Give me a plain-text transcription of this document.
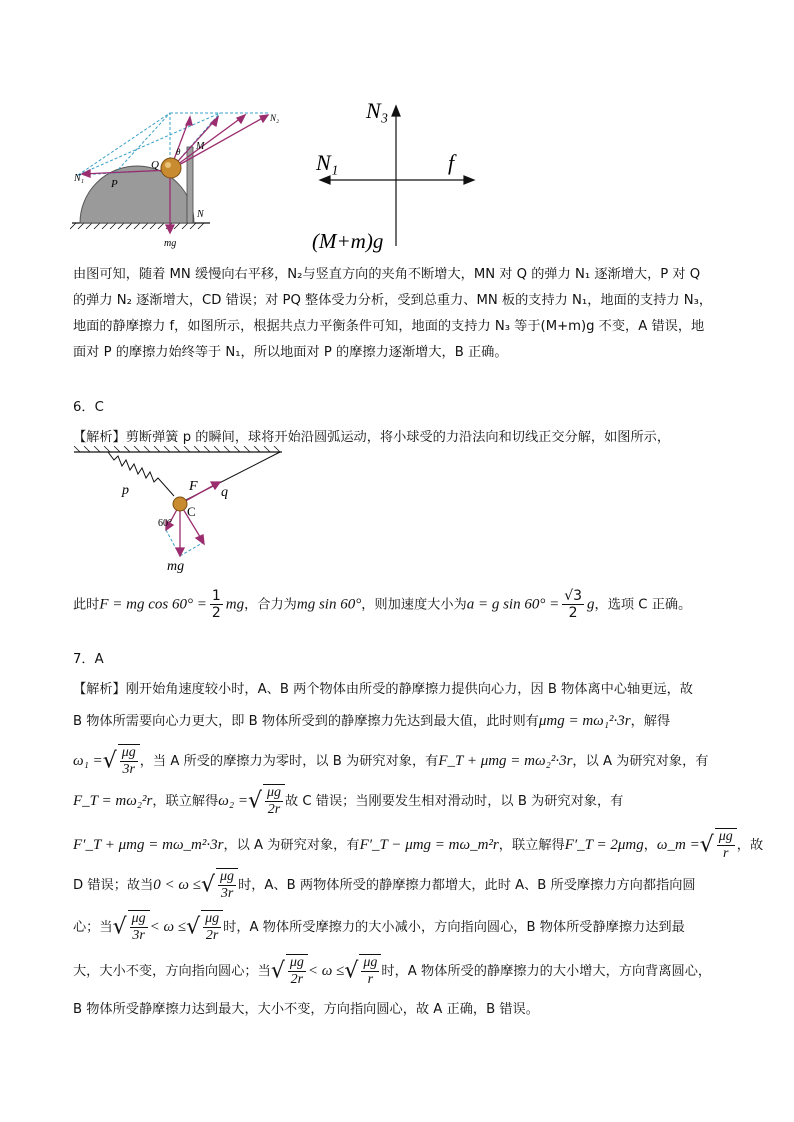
N₂
M
θ
Q
N₁ P
N
mg
N₃
N₁	f
(M+m)g

由图可知，随着 MN 缓慢向右平移，N₂与竖直方向的夹角不断增大，MN 对 Q 的弹力 N₁ 逐渐增大，P 对 Q

的弹力 N₂ 逐渐增大，CD 错误；对 PQ 整体受力分析，受到总重力、MN 板的支持力 N₁，地面的支持力 N₃，

地面的静摩擦力 f，如图所示，根据共点力平衡条件可知，地面的支持力 N₃ 等于(M+m)g 不变，A 错误，地

面对 P 的摩擦力始终等于 N₁，所以地面对 P 的摩擦力逐渐增大，B 正确。

6．C
【解析】剪断弹簧 p 的瞬间，球将开始沿圆弧运动，将小球受的力沿法向和切线正交分解，如图所示，
F q
p
C
60°
mg
此时F = mg $\cos 60^\circ = \frac{1}{2}$ mg，合力为mg sin 60°，则加速度大小为a = g $\sin 60^\circ = \frac{√3}{2}$ g，选项 C 正确。
7．A
【解析】刚开始角速度较小时，A、B 两个物体由所受的静摩擦力提供向心力，因 B 物体离中心轴更远，故
B 物体所需要向心力更大，即 B 物体所受到的静摩擦力先达到最大值，此时则有μmg = mω₁²·3r，解得
ω₁ =√ $\frac{\mu g}{3r}$ ，当 A 所受的摩擦力为零时，以 B 为研究对象，有F_T + μmg = mω₂²·3r，以 A 为研究对象，有
F_T = mω₂²r，联立解得ω₂ =√ $\frac{\mu g}{2r}$ 故 C 错误；当刚要发生相对滑动时，以 B 为研究对象，有
F′_T + μmg = mω_m²·3r，以 A 为研究对象，有F′_T − μmg = mω_m²r，联立解得F′_T = 2μmg，ω_m =√ $\frac{\mu g}{r}$ ，故
D 错误；故当0 < ω ≤√ $\frac{\mu g}{3r}$ 时，A、B 两物体所受的静摩擦力都增大，此时 A、B 所受摩擦力方向都指向圆
心；当√ $\frac{\mu g}{3r} < \omega$ ≤√ $\frac{\mu g}{2r}$ 时，A 物体所受摩擦力的大小减小，方向指向圆心，B 物体所受静摩擦力达到最
大，大小不变，方向指向圆心；当√ $\frac{\mu g}{2r} < \omega$ ≤√ $\frac{\mu g}{r}$ 时，A 物体所受的静摩擦力的大小增大，方向背离圆心，
B 物体所受静摩擦力达到最大，大小不变，方向指向圆心，故 A 正确，B 错误。
